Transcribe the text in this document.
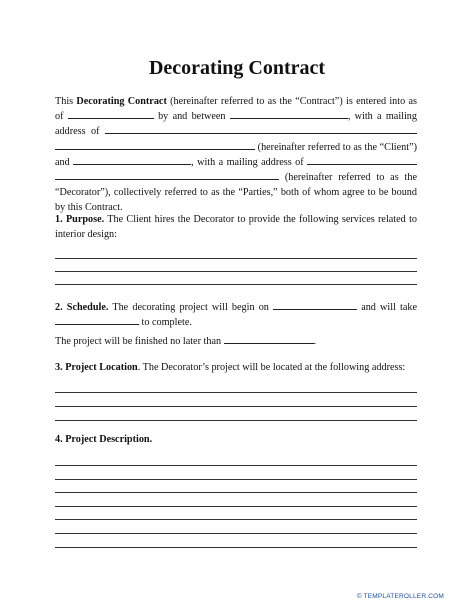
Decorating Contract
This Decorating Contract (hereinafter referred to as the “Contract”) is entered into as of	by and between	, with a mailing address of   (hereinafter referred to as the “Client”) and	, with a mailing address of   (hereinafter referred to as the “Decorator”), collectively referred to as the “Parties,” both of whom agree to be bound by this Contract.
1. Purpose. The Client hires the Decorator to provide the following services related to interior design:
2. Schedule. The decorating project will begin on	and will take  to complete.
The project will be finished no later than	.
3. Project Location. The Decorator’s project will be located at the following address:
4. Project Description.
© TEMPLATEROLLER.COM
